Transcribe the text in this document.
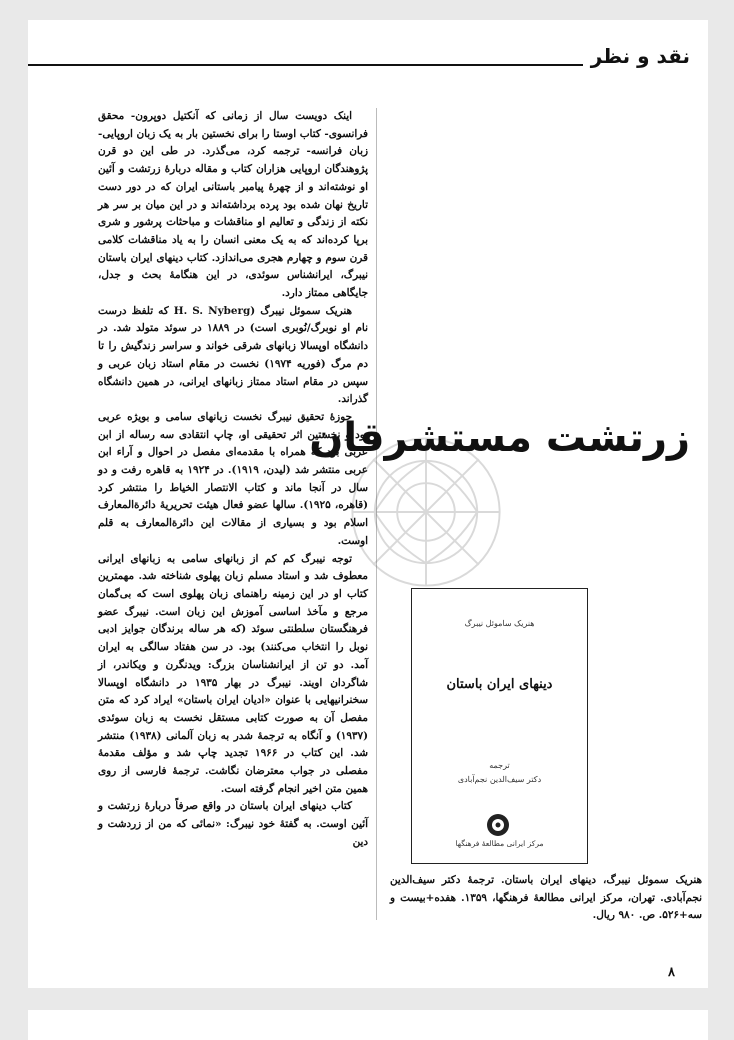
نقد و نظر

اینک دویست سال از زمانی که آنکتیل دوپرون- محقق فرانسوی- کتاب اوستا را برای نخستین بار به یک زبان اروپایی- زبان فرانسه- ترجمه کرد، می‌گذرد. در طی این دو قرن پژوهندگان اروپایی هزاران کتاب و مقاله دربارهٔ زرتشت و آئین او نوشته‌اند و از چهرهٔ پیامبر باستانی ایران که در دور دست تاریخ نهان شده بود پرده برداشته‌اند و در این میان بر سر هر نکته از زندگی و تعالیم او مناقشات و مباحثات پرشور و شری برپا کرده‌اند که به یک معنی انسان را به یاد مناقشات کلامی قرن سوم و چهارم هجری می‌اندازد. کتاب دینهای ایران باستان نیبرگ، ایرانشناس سوئدی، در این هنگامهٔ بحث و جدل، جایگاهی ممتاز دارد.

هنریک سموئل نیبرگ (H. S. Nyberg که تلفظ درست نام او نوبرگ/نُوبری است) در ۱۸۸۹ در سوئد متولد شد. در دانشگاه اوپسالا زبانهای شرقی خواند و سراسر زندگیش را تا دم مرگ (فوریه ۱۹۷۴) نخست در مقام استاد زبان عربی و سپس در مقام استاد ممتاز زبانهای ایرانی، در همین دانشگاه گذراند.

حوزهٔ تحقیق نیبرگ نخست زبانهای سامی و بویژه عربی بود و نخستین اثر تحقیقی او، چاپ انتقادی سه رساله از ابن عربی بود که همراه با مقدمه‌ای مفصل در احوال و آراء ابن عربی منتشر شد (لیدن، ۱۹۱۹). در ۱۹۲۴ به قاهره رفت و دو سال در آنجا ماند و کتاب الانتصار الخیاط را منتشر کرد (قاهره، ۱۹۲۵). سالها عضو فعال هیئت تحریریهٔ دائرة‌المعارف اسلام بود و بسیاری از مقالات این دائرة‌المعارف به قلم اوست.

توجه نیبرگ کم کم از زبانهای سامی به زبانهای ایرانی معطوف شد و استاد مسلم زبان پهلوی شناخته شد. مهمترین کتاب او در این زمینه راهنمای زبان پهلوی است که بی‌گمان مرجع و مآخذ اساسی آموزش این زبان است. نیبرگ عضو فرهنگستان سلطنتی سوئد (که هر ساله برندگان جوایز ادبی نوبل را انتخاب می‌کنند) بود. در سن هفتاد سالگی به ایران آمد. دو تن از ایرانشناسان بزرگ: ویدنگرن و ویکاندر، از شاگردان اویند. نیبرگ در بهار ۱۹۳۵ در دانشگاه اوپسالا سخنرانیهایی با عنوان «ادیان ایران باستان» ایراد کرد که متن مفصل آن به صورت کتابی مستقل نخست به زبان سوئدی (۱۹۳۷) و آنگاه به ترجمهٔ شدر به زبان آلمانی (۱۹۳۸) منتشر شد. این کتاب در ۱۹۶۶ تجدید چاپ شد و مؤلف مقدمهٔ مفصلی در جواب معترضان نگاشت. ترجمهٔ فارسی از روی همین متن اخیر انجام گرفته است.

کتاب دینهای ایران باستان در واقع صرفاً دربارهٔ زرتشت و آئین اوست. به گفتهٔ خود نیبرگ: «نمائی که من از زردشت و دین

زرتشت مستشرقان
هنریک ساموئل نیبرگ
دینهای ایران باستان
ترجمه
دکتر سیف‌الدین نجم‌آبادی
مرکز ایرانی مطالعهٔ فرهنگها
هنریک سموئل نیبرگ، دینهای ایران باستان. ترجمهٔ دکتر سیف‌الدین نجم‌آبادی. تهران، مرکز ایرانی مطالعهٔ فرهنگها، ۱۳۵۹. هفده+بیست و سه+۵۲۶. ص. ۹۸۰ ریال.
۸
